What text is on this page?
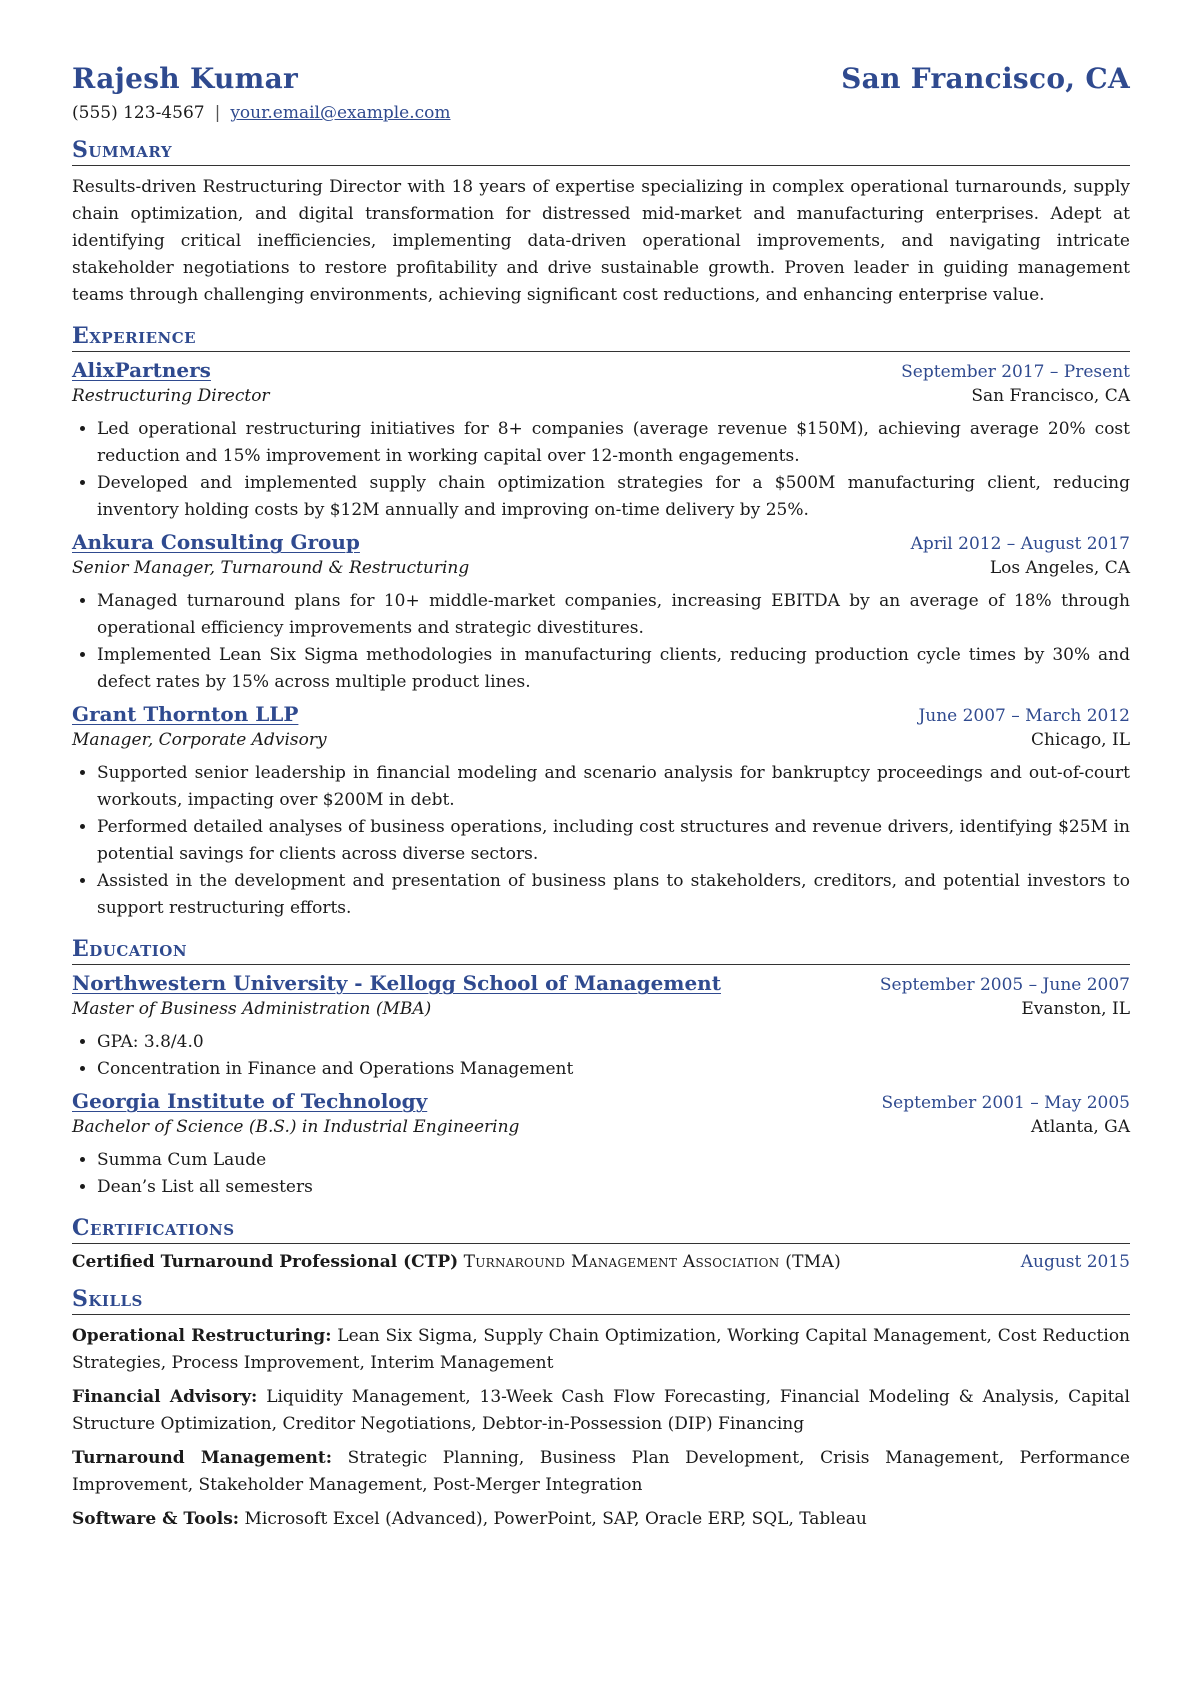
Rajesh Kumar	San Francisco, CA
(555) 123-4567 | your.email@example.com
Summary
Results-driven Restructuring Director with 18 years of expertise specializing in complex operational turnarounds, supply chain optimization, and digital transformation for distressed mid-market and manufacturing enterprises. Adept at identifying critical inefficiencies, implementing data-driven operational improvements, and navigating intricate stakeholder negotiations to restore profitability and drive sustainable growth. Proven leader in guiding management teams through challenging environments, achieving significant cost reductions, and enhancing enterprise value.
Experience
AlixPartners	September 2017 – Present
Restructuring Director	San Francisco, CA
• Led operational restructuring initiatives for 8+ companies (average revenue $150M), achieving average 20% cost reduction and 15% improvement in working capital over 12-month engagements.
• Developed and implemented supply chain optimization strategies for a $500M manufacturing client, reducing inventory holding costs by $12M annually and improving on-time delivery by 25%.
Ankura Consulting Group	April 2012 – August 2017
Senior Manager, Turnaround & Restructuring	Los Angeles, CA
• Managed turnaround plans for 10+ middle-market companies, increasing EBITDA by an average of 18% through operational efficiency improvements and strategic divestitures.
• Implemented Lean Six Sigma methodologies in manufacturing clients, reducing production cycle times by 30% and defect rates by 15% across multiple product lines.
Grant Thornton LLP	June 2007 – March 2012
Manager, Corporate Advisory	Chicago, IL
• Supported senior leadership in financial modeling and scenario analysis for bankruptcy proceedings and out-of-court workouts, impacting over $200M in debt.
• Performed detailed analyses of business operations, including cost structures and revenue drivers, identifying $25M in potential savings for clients across diverse sectors.
• Assisted in the development and presentation of business plans to stakeholders, creditors, and potential investors to support restructuring efforts.
Education
Northwestern University - Kellogg School of Management	September 2005 – June 2007
Master of Business Administration (MBA)	Evanston, IL
• GPA: 3.8/4.0
• Concentration in Finance and Operations Management
Georgia Institute of Technology	September 2001 – May 2005
Bachelor of Science (B.S.) in Industrial Engineering	Atlanta, GA
• Summa Cum Laude
• Dean’s List all semesters
Certifications
Certified Turnaround Professional (CTP) Turnaround Management Association (TMA)	August 2015
Skills
Operational Restructuring: Lean Six Sigma, Supply Chain Optimization, Working Capital Management, Cost Reduction Strategies, Process Improvement, Interim Management
Financial Advisory: Liquidity Management, 13-Week Cash Flow Forecasting, Financial Modeling & Analysis, Capital Structure Optimization, Creditor Negotiations, Debtor-in-Possession (DIP) Financing
Turnaround Management: Strategic Planning, Business Plan Development, Crisis Management, Performance Improvement, Stakeholder Management, Post-Merger Integration
Software & Tools: Microsoft Excel (Advanced), PowerPoint, SAP, Oracle ERP, SQL, Tableau
